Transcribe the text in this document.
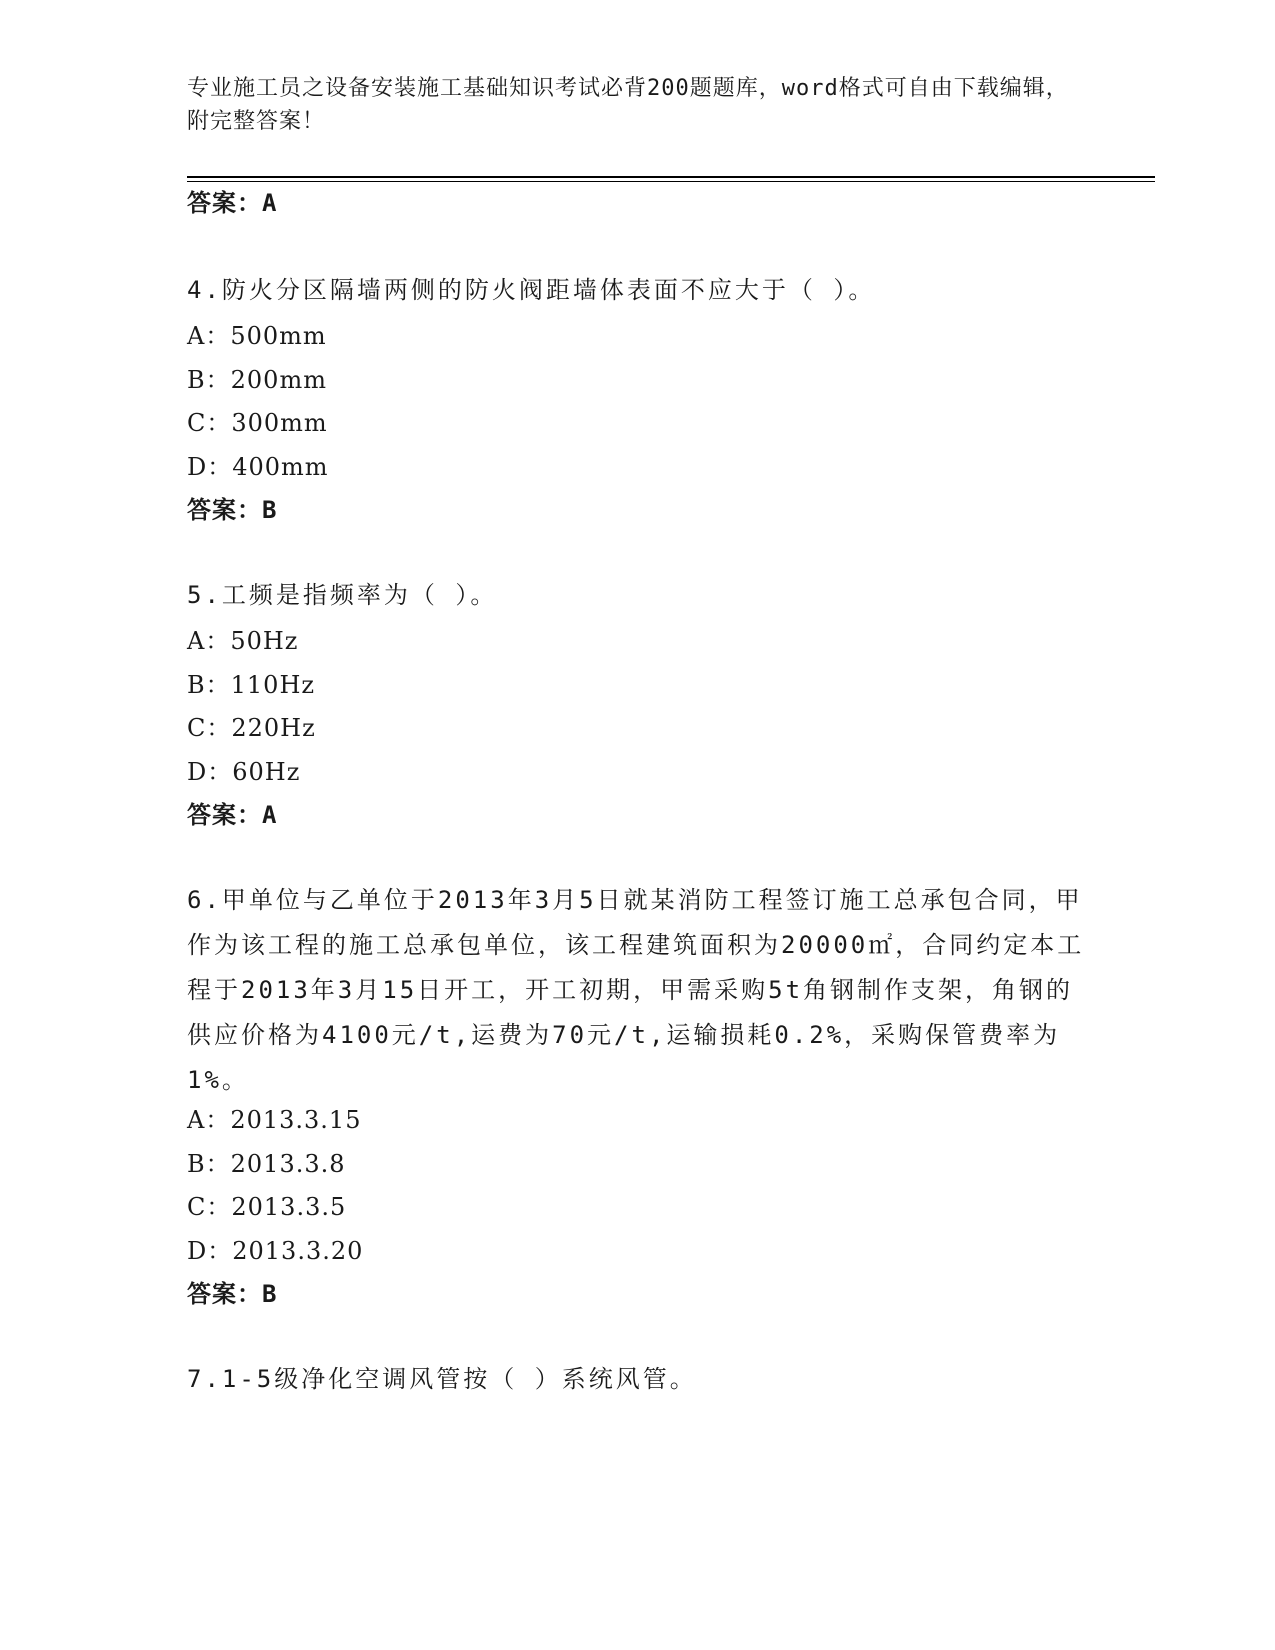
专业施工员之设备安装施工基础知识考试必背200题题库，word格式可自由下载编辑，附完整答案！
答案：A
4.防火分区隔墙两侧的防火阀距墙体表面不应大于（ ）。
A：500mm
B：200mm
C：300mm
D：400mm
答案：B
5.工频是指频率为（ ）。
A：50Hz
B：110Hz
C：220Hz
D：60Hz
答案：A
6.甲单位与乙单位于2013年3月5日就某消防工程签订施工总承包合同，甲作为该工程的施工总承包单位，该工程建筑面积为20000㎡，合同约定本工程于2013年3月15日开工，开工初期，甲需采购5t角钢制作支架，角钢的供应价格为4100元/t,运费为70元/t,运输损耗0.2%，采购保管费率为1%。
A：2013.3.15
B：2013.3.8
C：2013.3.5
D：2013.3.20
答案：B
7.1-5级净化空调风管按（ ）系统风管。
